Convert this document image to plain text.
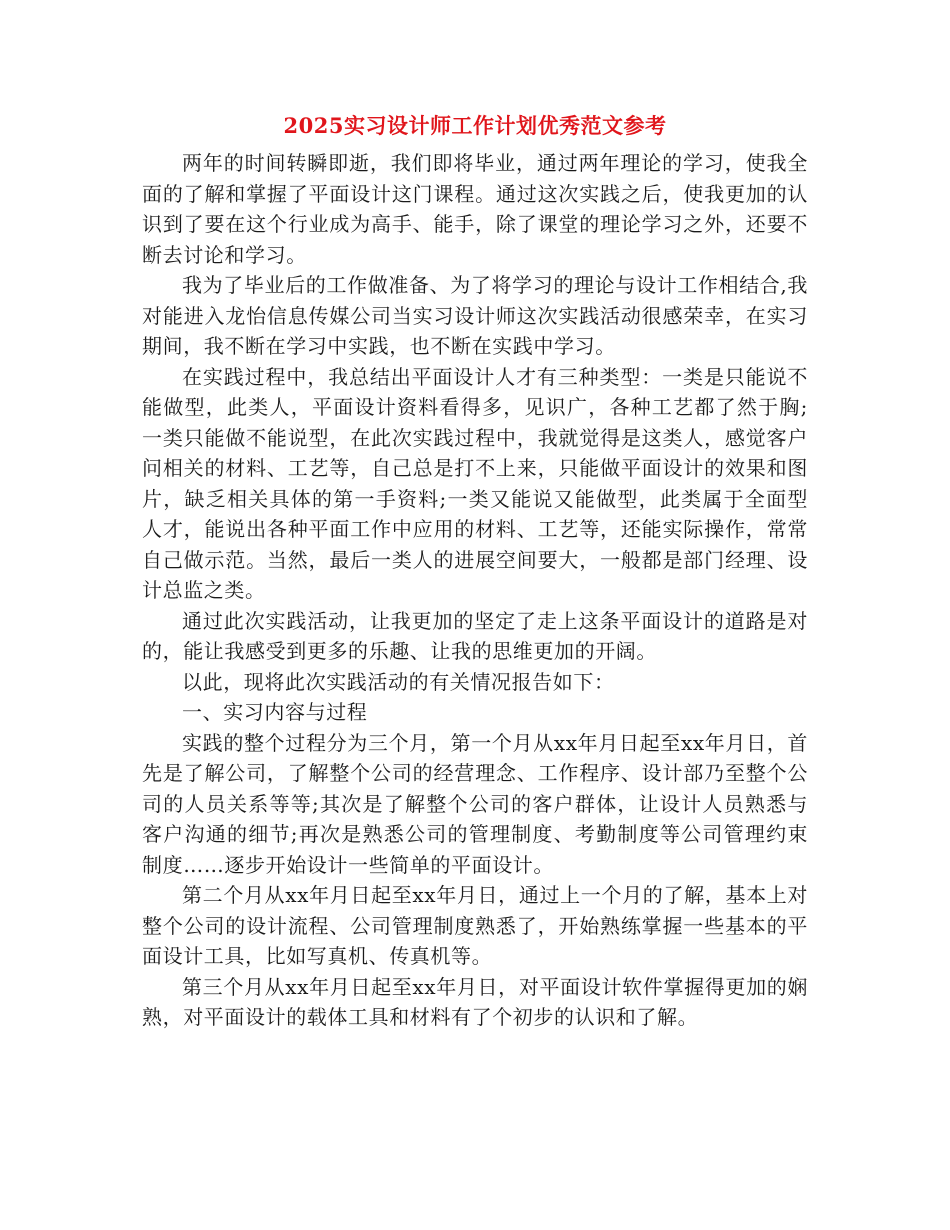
2025实习设计师工作计划优秀范文参考

两年的时间转瞬即逝，我们即将毕业，通过两年理论的学习，使我全面的了解和掌握了平面设计这门课程。通过这次实践之后，使我更加的认识到了要在这个行业成为高手、能手，除了课堂的理论学习之外，还要不断去讨论和学习。

我为了毕业后的工作做准备、为了将学习的理论与设计工作相结合,我对能进入龙怡信息传媒公司当实习设计师这次实践活动很感荣幸，在实习期间，我不断在学习中实践，也不断在实践中学习。

在实践过程中，我总结出平面设计人才有三种类型：一类是只能说不能做型，此类人，平面设计资料看得多，见识广，各种工艺都了然于胸;一类只能做不能说型，在此次实践过程中，我就觉得是这类人，感觉客户问相关的材料、工艺等，自己总是打不上来，只能做平面设计的效果和图片，缺乏相关具体的第一手资料;一类又能说又能做型，此类属于全面型人才，能说出各种平面工作中应用的材料、工艺等，还能实际操作，常常自己做示范。当然，最后一类人的进展空间要大，一般都是部门经理、设计总监之类。

通过此次实践活动，让我更加的坚定了走上这条平面设计的道路是对的，能让我感受到更多的乐趣、让我的思维更加的开阔。

以此，现将此次实践活动的有关情况报告如下：

一、实习内容与过程

实践的整个过程分为三个月，第一个月从xx年月日起至xx年月日，首先是了解公司，了解整个公司的经营理念、工作程序、设计部乃至整个公司的人员关系等等;其次是了解整个公司的客户群体，让设计人员熟悉与客户沟通的细节;再次是熟悉公司的管理制度、考勤制度等公司管理约束制度……逐步开始设计一些简单的平面设计。

第二个月从xx年月日起至xx年月日，通过上一个月的了解，基本上对整个公司的设计流程、公司管理制度熟悉了，开始熟练掌握一些基本的平面设计工具，比如写真机、传真机等。

第三个月从xx年月日起至xx年月日，对平面设计软件掌握得更加的娴熟，对平面设计的载体工具和材料有了个初步的认识和了解。
